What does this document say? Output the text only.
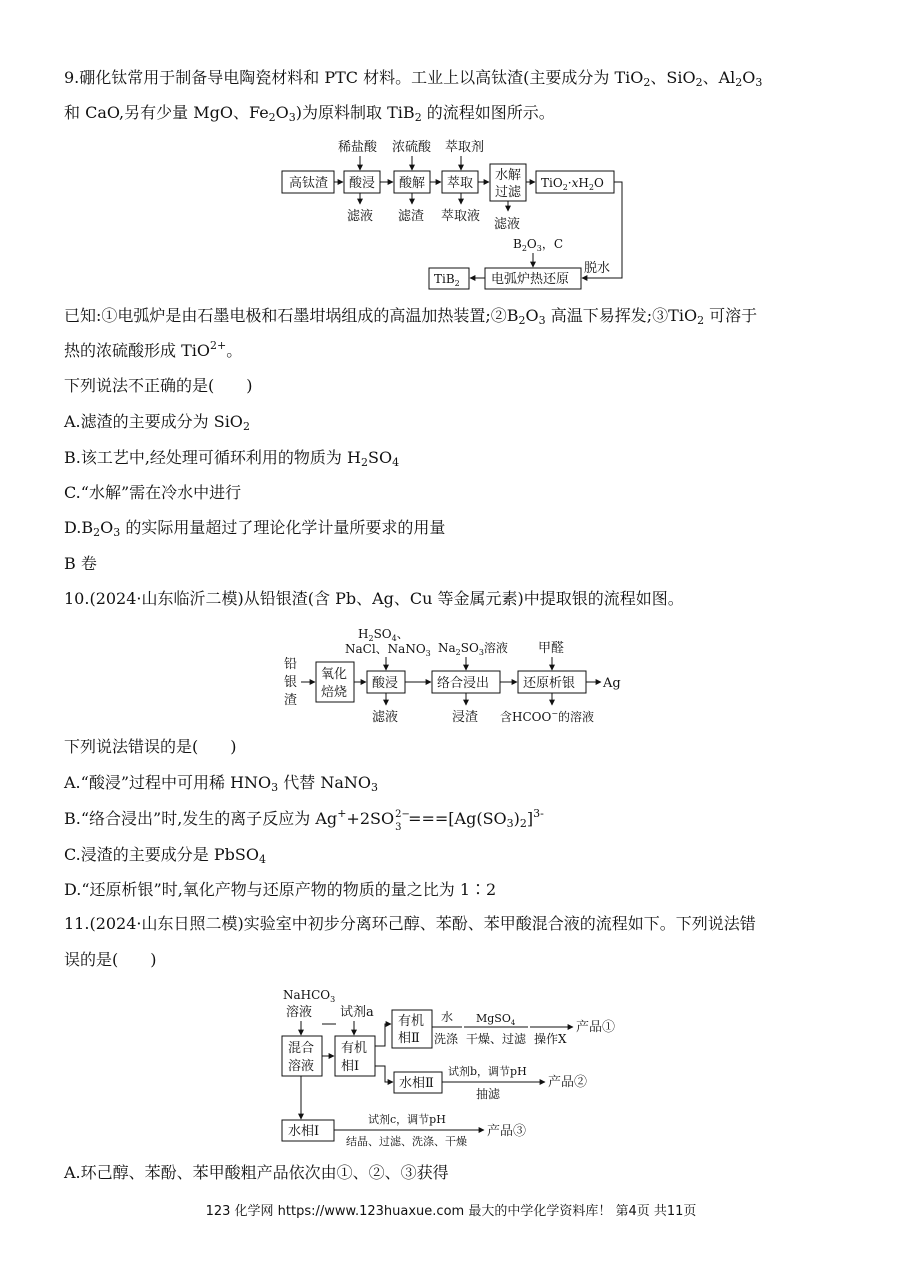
9.硼化钛常用于制备导电陶瓷材料和 PTC 材料。工业上以高钛渣(主要成分为 TiO$_2$、SiO$_2$、$Al_2O_3$
和 CaO,另有少量 MgO、$Fe_2O_3$)为原料制取 TiB$_2$ 的流程如图所示。
稀盐酸 浓硫酸 萃取剂
高钛渣 酸浸 酸解 萃取
水解
过滤
$TiO_2\cdot xH_2O$
滤液 滤渣 萃取液
滤液
脱水
$B_2O_3$，C
电弧炉热还原
TiB$_2$
$H_2SO_4$、
NaCl、NaNO$_3$ $Na_2SO_3$溶液 甲醛
铅
银
渣
氧化
焙烧
酸浸	络合浸出	还原析银 Ag
滤液	浸渣 含HCOO−的溶液
NaHCO$_3$
溶液
混合
溶液
试剂a
有机
相Ⅰ
有机
相Ⅱ
水相Ⅱ
水
洗涤
MgSO$_4$
干燥、过滤 操作X
产品①
试剂b，调节pH
抽滤
产品②
水相Ⅰ
试剂c，调节pH
结晶、过滤、洗涤、干燥
产品③
已知:①电弧炉是由石墨电极和石墨坩埚组成的高温加热装置$;②B_2O_3$ 高温下易挥发;③TiO$_2$ 可溶于
热的浓硫酸形成 TiO$^{2+}$。
下列说法不正确的是(　　)
A.滤渣的主要成分为 SiO$_2$
B.该工艺中,经处理可循环利用的物质为 $H_2SO_4$
C.“水解”需在冷水中进行
$D.B_2O_3$ 的实际用量超过了理论化学计量所要求的用量
B 卷
10.(2024·山东临沂二模)从铅银渣(含 Pb、Ag、Cu 等金属元素)中提取银的流程如图。
下列说法错误的是(　　)
A.“酸浸”过程中可用稀 $HNO_3$ 代替 NaNO$_3$
B.“络合浸出”时,发生的离子反应为 Ag++2SO 2−
$3 ===[Ag(SO_3)_2]^{3-}$
C.浸渣的主要成分是 PbSO$_4$
D.“还原析银”时,氧化产物与还原产物的物质的量之比为 1∶2
11.(2024·山东日照二模)实验室中初步分离环己醇、苯酚、苯甲酸混合液的流程如下。下列说法错
误的是(　　)
A.环己醇、苯酚、苯甲酸粗产品依次由①、②、③获得
123 化学网 https://www.123huaxue.com 最大的中学化学资料库！ 第4页 共11页
